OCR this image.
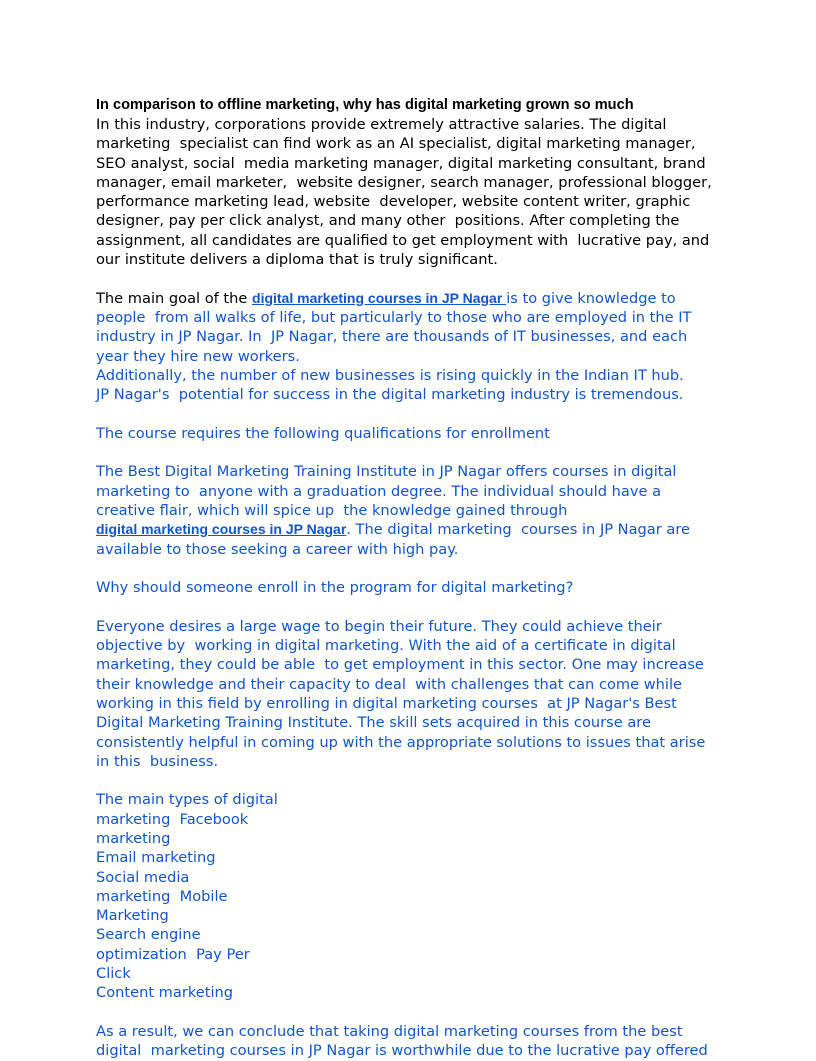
In comparison to offline marketing, why has digital marketing grown so much

In this industry, corporations provide extremely attractive salaries. The digital
marketing  specialist can find work as an AI specialist, digital marketing manager,
SEO analyst, social  media marketing manager, digital marketing consultant, brand
manager, email marketer,  website designer, search manager, professional blogger,
performance marketing lead, website  developer, website content writer, graphic
designer, pay per click analyst, and many other  positions. After completing the
assignment, all candidates are qualified to get employment with  lucrative pay, and
our institute delivers a diploma that is truly significant.
The main goal of the digital marketing courses in JP Nagar is to give knowledge to
people  from all walks of life, but particularly to those who are employed in the IT
industry in JP Nagar. In  JP Nagar, there are thousands of IT businesses, and each
year they hire new workers.
Additionally, the number of new businesses is rising quickly in the Indian IT hub.
JP Nagar's  potential for success in the digital marketing industry is tremendous.
The course requires the following qualifications for enrollment
The Best Digital Marketing Training Institute in JP Nagar offers courses in digital
marketing to  anyone with a graduation degree. The individual should have a
creative flair, which will spice up  the knowledge gained through
digital marketing courses in JP Nagar. The digital marketing  courses in JP Nagar are
available to those seeking a career with high pay.
Why should someone enroll in the program for digital marketing?
Everyone desires a large wage to begin their future. They could achieve their
objective by  working in digital marketing. With the aid of a certificate in digital
marketing, they could be able  to get employment in this sector. One may increase
their knowledge and their capacity to deal  with challenges that can come while
working in this field by enrolling in digital marketing courses  at JP Nagar's Best
Digital Marketing Training Institute. The skill sets acquired in this course are
consistently helpful in coming up with the appropriate solutions to issues that arise
in this  business.
The main types of digital
marketing  Facebook
marketing
Email marketing
Social media
marketing  Mobile
Marketing
Search engine
optimization  Pay Per
Click
Content marketing
As a result, we can conclude that taking digital marketing courses from the best
digital  marketing courses in JP Nagar is worthwhile due to the lucrative pay offered
